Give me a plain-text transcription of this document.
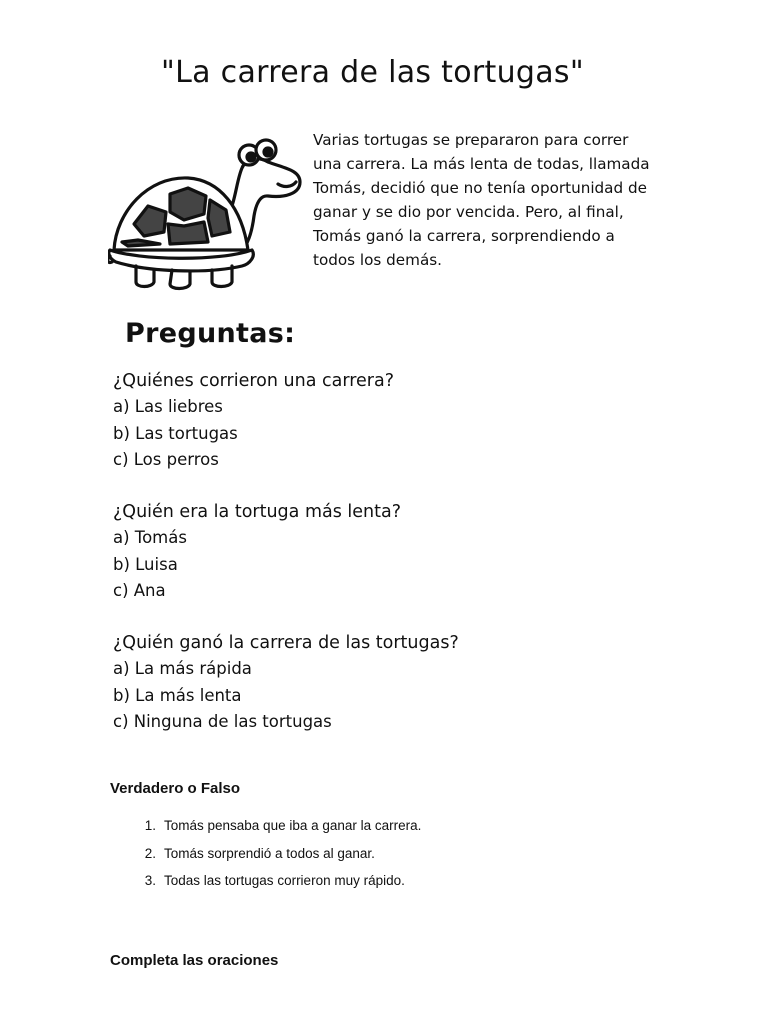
"La carrera de las tortugas"

Varias tortugas se prepararon para correr una carrera. La más lenta de todas, llamada Tomás, decidió que no tenía oportunidad de ganar y se dio por vencida. Pero, al final, Tomás ganó la carrera, sorprendiendo a todos los demás.

Preguntas:

¿Quiénes corrieron una carrera?

a) Las liebres

b) Las tortugas

c) Los perros

¿Quién era la tortuga más lenta?

a) Tomás

b) Luisa

c) Ana

¿Quién ganó la carrera de las tortugas?

a) La más rápida

b) La más lenta

c) Ninguna de las tortugas

Verdadero o Falso
1. Tomás pensaba que iba a ganar la carrera.
2. Tomás sorprendió a todos al ganar.
3. Todas las tortugas corrieron muy rápido.
Completa las oraciones
